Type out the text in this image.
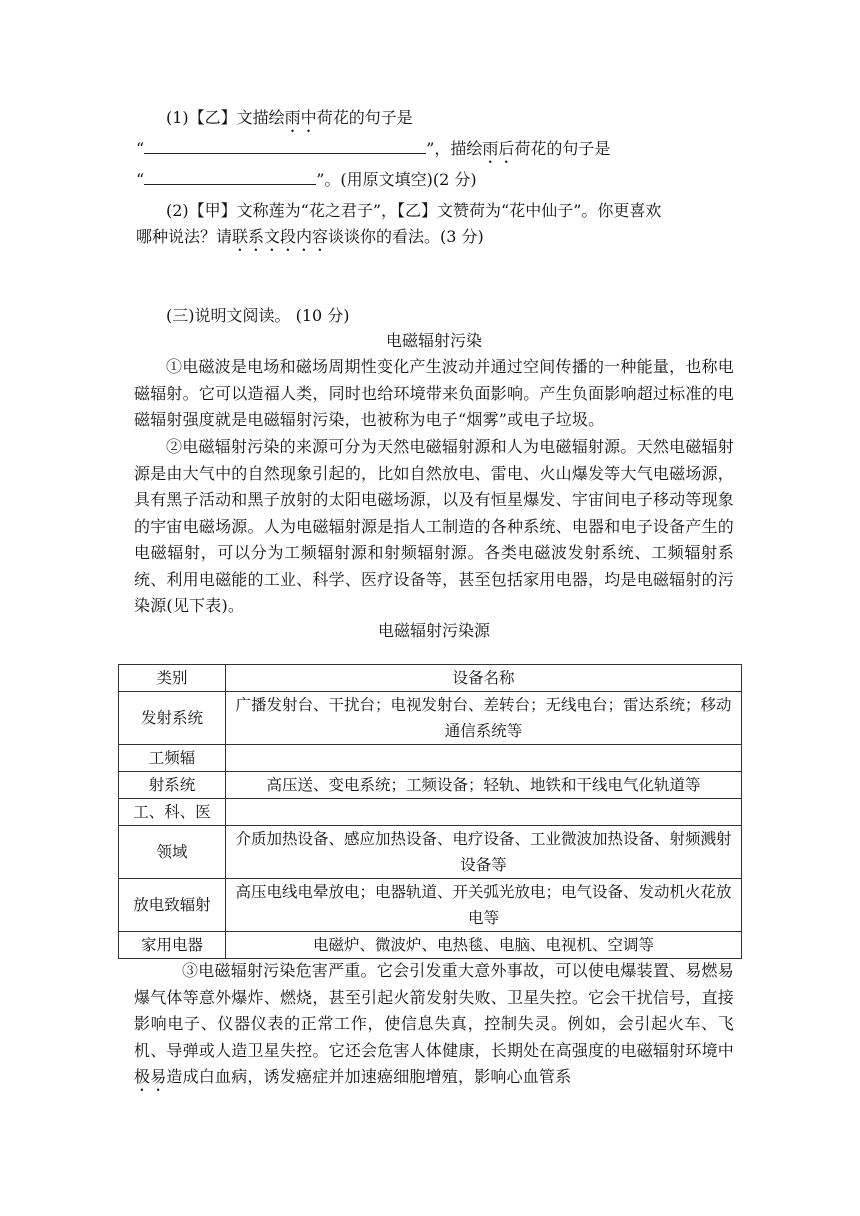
(1)【乙】文描绘雨中荷花的句子是
“	”，描绘雨后荷花的句子是
“	”。(用原文填空)(2 分)
(2)【甲】文称莲为“花之君子”，【乙】文赞荷为“花中仙子”。你更喜欢
哪种说法？请联系文段内容谈谈你的看法。(3 分)
(三)说明文阅读。 (10 分)
电磁辐射污染
①电磁波是电场和磁场周期性变化产生波动并通过空间传播的一种能量，也称电磁辐射。它可以造福人类，同时也给环境带来负面影响。产生负面影响超过标准的电磁辐射强度就是电磁辐射污染，也被称为电子“烟雾”或电子垃圾。
②电磁辐射污染的来源可分为天然电磁辐射源和人为电磁辐射源。天然电磁辐射源是由大气中的自然现象引起的，比如自然放电、雷电、火山爆发等大气电磁场源，具有黑子活动和黑子放射的太阳电磁场源，以及有恒星爆发、宇宙间电子移动等现象的宇宙电磁场源。人为电磁辐射源是指人工制造的各种系统、电器和电子设备产生的电磁辐射，可以分为工频辐射源和射频辐射源。各类电磁波发射系统、工频辐射系统、利用电磁能的工业、科学、医疗设备等，甚至包括家用电器，均是电磁辐射的污染源(见下表)。
电磁辐射污染源
类别	设备名称
发射系统	广播发射台、干扰台；电视发射台、差转台；无线电台；雷达系统；移动通信系统等
工频辐	
射系统	高压送、变电系统；工频设备；轻轨、地铁和干线电气化轨道等
工、科、医	
领域	介质加热设备、感应加热设备、电疗设备、工业微波加热设备、射频溅射设备等
放电致辐射	高压电线电晕放电；电器轨道、开关弧光放电；电气设备、发动机火花放电等
家用电器	电磁炉、微波炉、电热毯、电脑、电视机、空调等
③电磁辐射污染危害严重。它会引发重大意外事故，可以使电爆装置、易燃易爆气体等意外爆炸、燃烧，甚至引起火箭发射失败、卫星失控。它会干扰信号，直接影响电子、仪器仪表的正常工作，使信息失真，控制失灵。例如，会引起火车、飞机、导弹或人造卫星失控。它还会危害人体健康，长期处在高强度的电磁辐射环境中极易造成白血病，诱发癌症并加速癌细胞增殖，影响心血管系
